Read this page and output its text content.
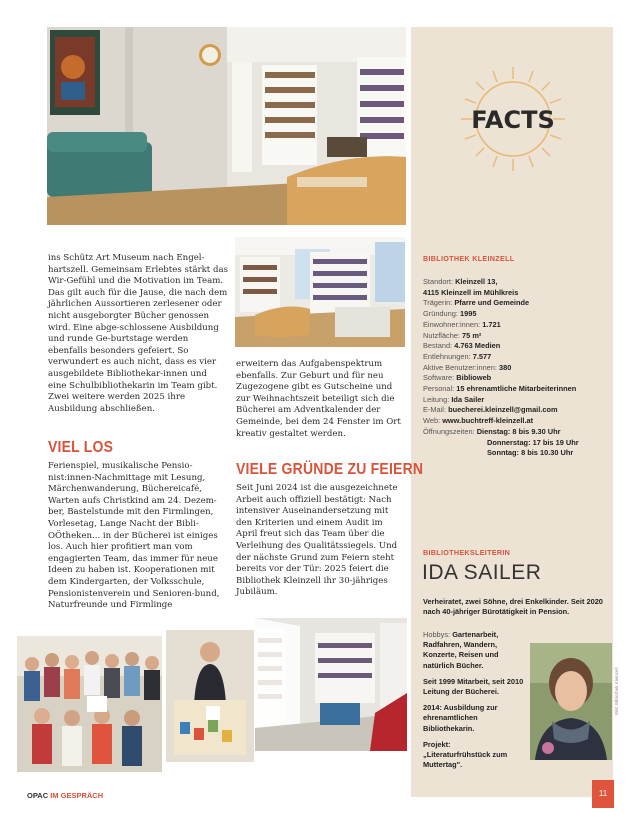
FACTS
BIBLIOTHEK KLEINZELL
Standort: Kleinzell 13,
4115 Kleinzell im Mühlkreis
Trägerin: Pfarre und Gemeinde
Gründung: 1995
Einwohner:innen: 1.721
Nutzfläche: 75 m²
Bestand: 4.763 Medien
Entlehnungen: 7.577
Aktive Benutzer:innen: 380
Software: Biblioweb
Personal: 15 ehrenamtliche Mitarbeiterinnen
Leitung: Ida Sailer
E-Mail: buecherei.kleinzell@gmail.com
Web: www.buchtreff-kleinzell.at
Öffnungszeiten: Dienstag: 8 bis 9.30 Uhr
Donnerstag: 17 bis 19 Uhr
Sonntag: 8 bis 10.30 Uhr
BIBLIOTHEKSLEITERIN
IDA SAILER
Verheiratet, zwei Söhne, drei Enkelkinder. Seit 2020 nach 40-jähriger Bürotätigkeit in Pension.
Hobbys: Gartenarbeit, Radfahren, Wandern, Konzerte, Reisen und natürlich Bücher.
Seit 1999 Mitarbeit, seit 2010 Leitung der Bücherei.
2014: Ausbildung zur ehrenamtlichen Bibliothekarin.
Projekt:
„Literaturfrühstück zum Muttertag".
Bild: Bibliothek Kleinzell

ins Schütz Art Museum nach Engel-hartszell. Gemeinsam Erlebtes stärkt das Wir-Gefühl und die Motivation im Team. Das gilt auch für die Jause, die nach dem jährlichen Aussortieren zerlesener oder nicht ausgeborgter Bücher genossen wird. Eine abge-schlossene Ausbildung und runde Ge-burtstage werden ebenfalls besonders gefeiert. So verwundert es auch nicht, dass es vier ausgebildete Bibliothekar-innen und eine Schulbibliothekarin im Team gibt. Zwei weitere werden 2025 ihre Ausbildung abschließen.

VIEL LOS

Ferienspiel, musikalische Pensio-nist:innen-Nachmittage mit Lesung, Märchenwanderung, Büchereicafé, Warten aufs Christkind am 24. Dezem-ber, Bastelstunde mit den Firmlingen, Vorlesetag, Lange Nacht der Bibli-OÖtheken... in der Bücherei ist einiges los. Auch hier profitiert man vom engagierten Team, das immer für neue Ideen zu haben ist. Kooperationen mit dem Kindergarten, der Volksschule, Pensionistenverein und Senioren-bund, Naturfreunde und Firmlinge

erweitern das Aufgabenspektrum ebenfalls. Zur Geburt und für neu Zugezogene gibt es Gutscheine und zur Weihnachtszeit beteiligt sich die Bücherei am Adventkalender der Gemeinde, bei dem 24 Fenster im Ort kreativ gestaltet werden.

VIELE GRÜNDE ZU FEIERN

Seit Juni 2024 ist die ausgezeichnete Arbeit auch offiziell bestätigt: Nach intensiver Auseinandersetzung mit den Kriterien und einem Audit im April freut sich das Team über die Verleihung des Qualitätssiegels. Und der nächste Grund zum Feiern steht bereits vor der Tür: 2025 feiert die Bibliothek Kleinzell ihr 30-jähriges Jubiläum.

OPAC IM GESPRÄCH	11
